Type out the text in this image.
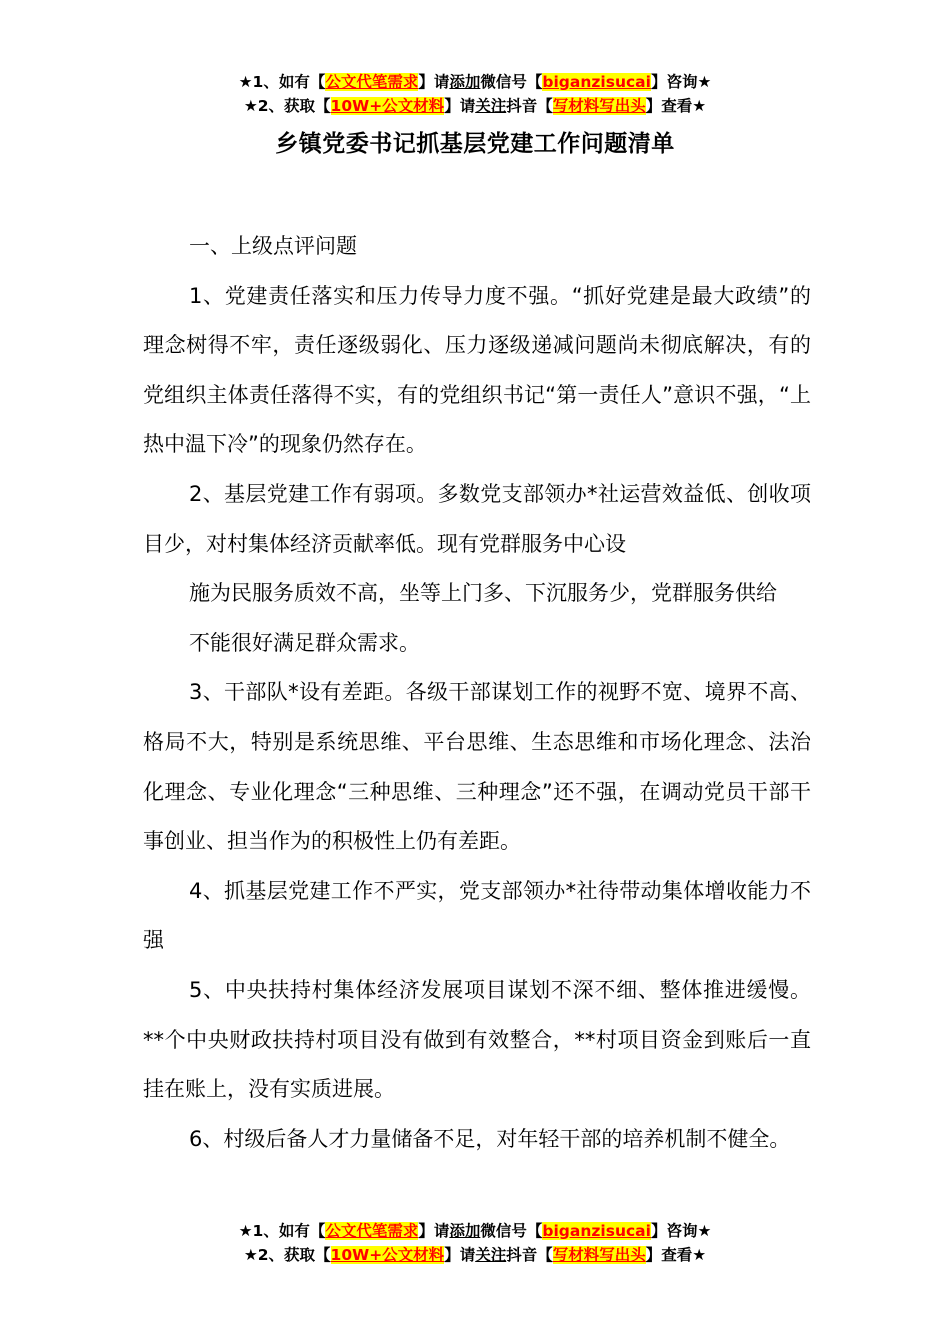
★1、如有【公文代笔需求】请添加微信号【biganzisucai】咨询★
★2、获取【10W+公文材料】请关注抖音【写材料写出头】查看★
乡镇党委书记抓基层党建工作问题清单

一、上级点评问题

1、党建责任落实和压力传导力度不强。“抓好党建是最大政绩”的理念树得不牢，责任逐级弱化、压力逐级递减问题尚未彻底解决，有的党组织主体责任落得不实，有的党组织书记“第一责任人”意识不强，“上热中温下冷”的现象仍然存在。

2、基层党建工作有弱项。多数党支部领办*社运营效益低、创收项目少，对村集体经济贡献率低。现有党群服务中心设

施为民服务质效不高，坐等上门多、下沉服务少，党群服务供给

不能很好满足群众需求。

3、干部队*设有差距。各级干部谋划工作的视野不宽、境界不高、格局不大，特别是系统思维、平台思维、生态思维和市场化理念、法治化理念、专业化理念“三种思维、三种理念”还不强，在调动党员干部干事创业、担当作为的积极性上仍有差距。

4、抓基层党建工作不严实，党支部领办*社待带动集体增收能力不强

5、中央扶持村集体经济发展项目谋划不深不细、整体推进缓慢。**个中央财政扶持村项目没有做到有效整合，**村项目资金到账后一直挂在账上，没有实质进展。

6、村级后备人才力量储备不足，对年轻干部的培养机制不健全。

★1、如有【公文代笔需求】请添加微信号【biganzisucai】咨询★
★2、获取【10W+公文材料】请关注抖音【写材料写出头】查看★
